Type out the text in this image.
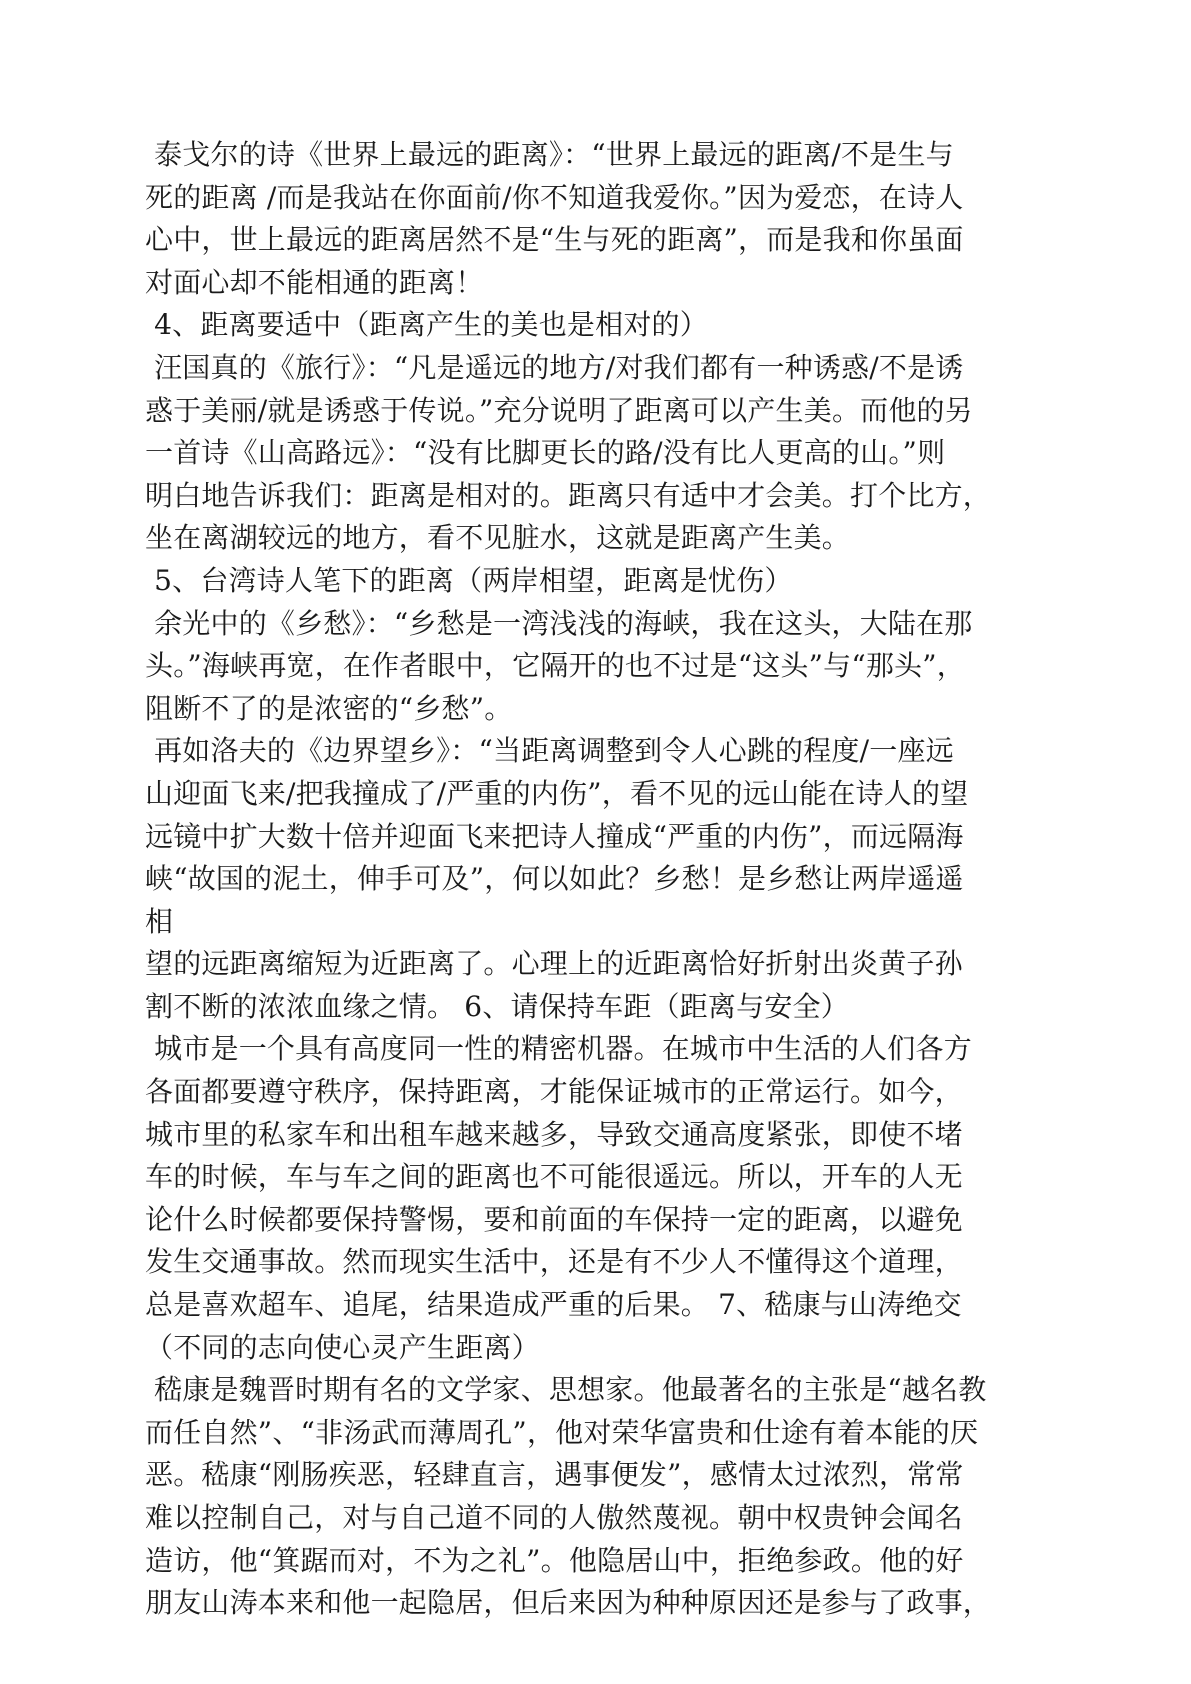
泰戈尔的诗《世界上最远的距离》：“世界上最远的距离/不是生与
死的距离 /而是我站在你面前/你不知道我爱你。”因为爱恋，在诗人
心中，世上最远的距离居然不是“生与死的距离”，而是我和你虽面
对面心却不能相通的距离！
4、距离要适中（距离产生的美也是相对的）
汪国真的《旅行》：“凡是遥远的地方/对我们都有一种诱惑/不是诱
惑于美丽/就是诱惑于传说。”充分说明了距离可以产生美。而他的另
一首诗《山高路远》：“没有比脚更长的路/没有比人更高的山。”则
明白地告诉我们：距离是相对的。距离只有适中才会美。打个比方，
坐在离湖较远的地方，看不见脏水，这就是距离产生美。
5、台湾诗人笔下的距离（两岸相望，距离是忧伤）
余光中的《乡愁》：“乡愁是一湾浅浅的海峡，我在这头，大陆在那
头。”海峡再宽，在作者眼中，它隔开的也不过是“这头”与“那头”，
阻断不了的是浓密的“乡愁”。
再如洛夫的《边界望乡》：“当距离调整到令人心跳的程度/一座远
山迎面飞来/把我撞成了/严重的内伤”，看不见的远山能在诗人的望
远镜中扩大数十倍并迎面飞来把诗人撞成“严重的内伤”，而远隔海
峡“故国的泥土，伸手可及”，何以如此？乡愁！是乡愁让两岸遥遥
相
望的远距离缩短为近距离了。心理上的近距离恰好折射出炎黄子孙
割不断的浓浓血缘之情。 6、请保持车距（距离与安全）
城市是一个具有高度同一性的精密机器。在城市中生活的人们各方
各面都要遵守秩序，保持距离，才能保证城市的正常运行。如今，
城市里的私家车和出租车越来越多，导致交通高度紧张，即使不堵
车的时候，车与车之间的距离也不可能很遥远。所以，开车的人无
论什么时候都要保持警惕，要和前面的车保持一定的距离，以避免
发生交通事故。然而现实生活中，还是有不少人不懂得这个道理，
总是喜欢超车、追尾，结果造成严重的后果。 7、嵇康与山涛绝交
（不同的志向使心灵产生距离）
嵇康是魏晋时期有名的文学家、思想家。他最著名的主张是“越名教
而任自然”、“非汤武而薄周孔”，他对荣华富贵和仕途有着本能的厌
恶。嵇康“刚肠疾恶，轻肆直言，遇事便发”，感情太过浓烈，常常
难以控制自己，对与自己道不同的人傲然蔑视。朝中权贵钟会闻名
造访，他“箕踞而对，不为之礼”。他隐居山中，拒绝参政。他的好
朋友山涛本来和他一起隐居，但后来因为种种原因还是参与了政事，
